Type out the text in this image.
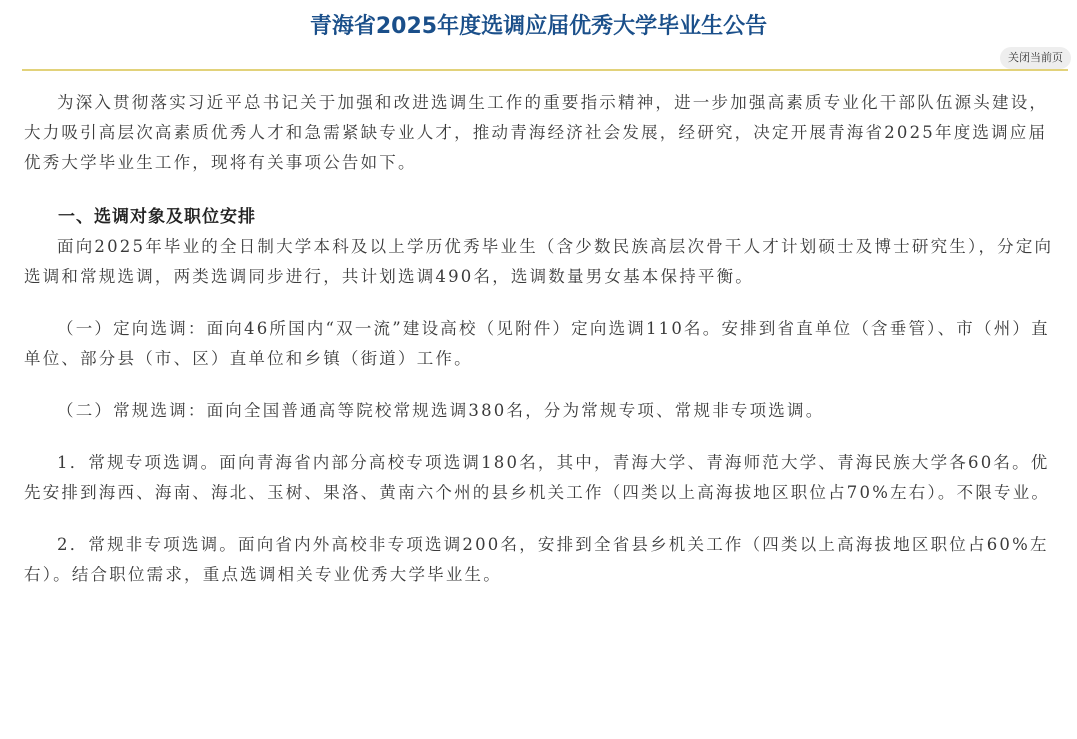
青海省2025年度选调应届优秀大学毕业生公告
关闭当前页

为深入贯彻落实习近平总书记关于加强和改进选调生工作的重要指示精神，进一步加强高素质专业化干部队伍源头建设，大力吸引高层次高素质优秀人才和急需紧缺专业人才，推动青海经济社会发展，经研究，决定开展青海省2025年度选调应届优秀大学毕业生工作，现将有关事项公告如下。

一、选调对象及职位安排

面向2025年毕业的全日制大学本科及以上学历优秀毕业生（含少数民族高层次骨干人才计划硕士及博士研究生），分定向选调和常规选调，两类选调同步进行，共计划选调490名，选调数量男女基本保持平衡。

（一）定向选调：面向46所国内“双一流”建设高校（见附件）定向选调110名。安排到省直单位（含垂管）、市（州）直单位、部分县（市、区）直单位和乡镇（街道）工作。

（二）常规选调：面向全国普通高等院校常规选调380名，分为常规专项、常规非专项选调。

1．常规专项选调。面向青海省内部分高校专项选调180名，其中，青海大学、青海师范大学、青海民族大学各60名。优先安排到海西、海南、海北、玉树、果洛、黄南六个州的县乡机关工作（四类以上高海拔地区职位占70%左右）。不限专业。

2．常规非专项选调。面向省内外高校非专项选调200名，安排到全省县乡机关工作（四类以上高海拔地区职位占60%左右）。结合职位需求，重点选调相关专业优秀大学毕业生。
